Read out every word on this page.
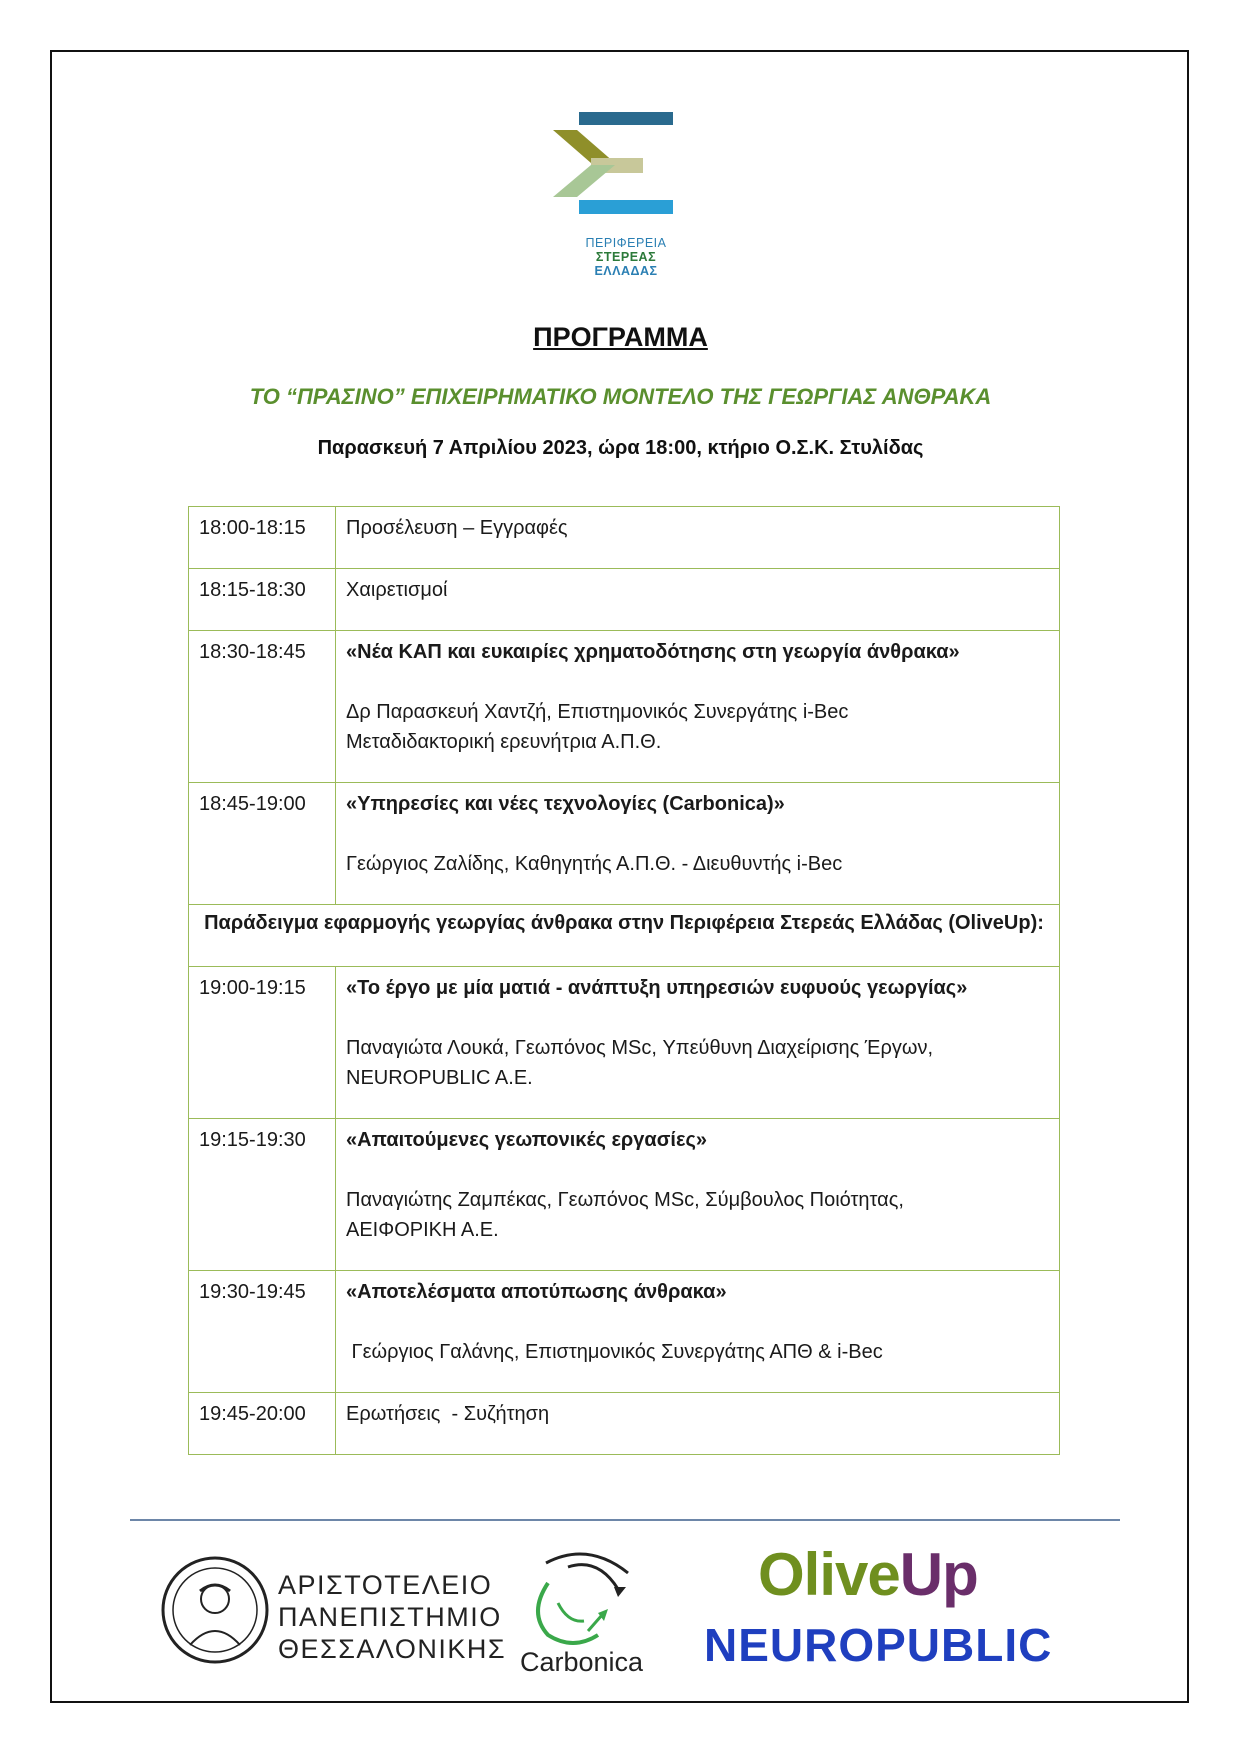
ΠΕΡΙΦΕΡΕΙΑ
ΣΤΕΡΕΑΣ
ΕΛΛΑΔΑΣ
ΠΡΟΓΡΑΜΜΑ
ΤΟ “ΠΡΑΣΙΝΟ” ΕΠΙΧΕΙΡΗΜΑΤΙΚΟ ΜΟΝΤΕΛΟ ΤΗΣ ΓΕΩΡΓΙΑΣ ΑΝΘΡΑΚΑ
Παρασκευή 7 Απριλίου 2023, ώρα 18:00, κτήριο Ο.Σ.Κ. Στυλίδας
18:00-18:15	Προσέλευση – Εγγραφές
18:15-18:30	Χαιρετισμοί
18:30-18:45	«Νέα ΚΑΠ και ευκαιρίες χρηματοδότησης στη γεωργία άνθρακα»
Δρ Παρασκευή Χαντζή, Επιστημονικός Συνεργάτης i-Bec
Μεταδιδακτορική ερευνήτρια Α.Π.Θ.

18:45-19:00	«Υπηρεσίες και νέες τεχνολογίες (Carbonica)»
Γεώργιος Ζαλίδης, Καθηγητής Α.Π.Θ. - Διευθυντής i-Bec

Παράδειγμα εφαρμογής γεωργίας άνθρακα στην Περιφέρεια Στερεάς Ελλάδας (OliveUp):	
19:00-19:15	«Το έργο με μία ματιά - ανάπτυξη υπηρεσιών ευφυούς γεωργίας»
Παναγιώτα Λουκά, Γεωπόνος MSc, Υπεύθυνη Διαχείρισης Έργων,
NEUROPUBLIC A.E.

19:15-19:30	«Απαιτούμενες γεωπονικές εργασίες»
Παναγιώτης Ζαμπέκας, Γεωπόνος MSc, Σύμβουλος Ποιότητας,
ΑΕΙΦΟΡΙΚΗ Α.Ε.

19:30-19:45	«Αποτελέσματα αποτύπωσης άνθρακα»
Γεώργιος Γαλάνης, Επιστημονικός Συνεργάτης ΑΠΘ & i-Bec

19:45-20:00	Ερωτήσεις  - Συζήτηση
ΑΡΙΣΤΟΤΕΛΕΙΟ
ΠΑΝΕΠΙΣΤΗΜΙΟ
ΘΕΣΣΑΛΟΝΙΚΗΣ Carbonica
OliveUp
NEUROPUBLIC
